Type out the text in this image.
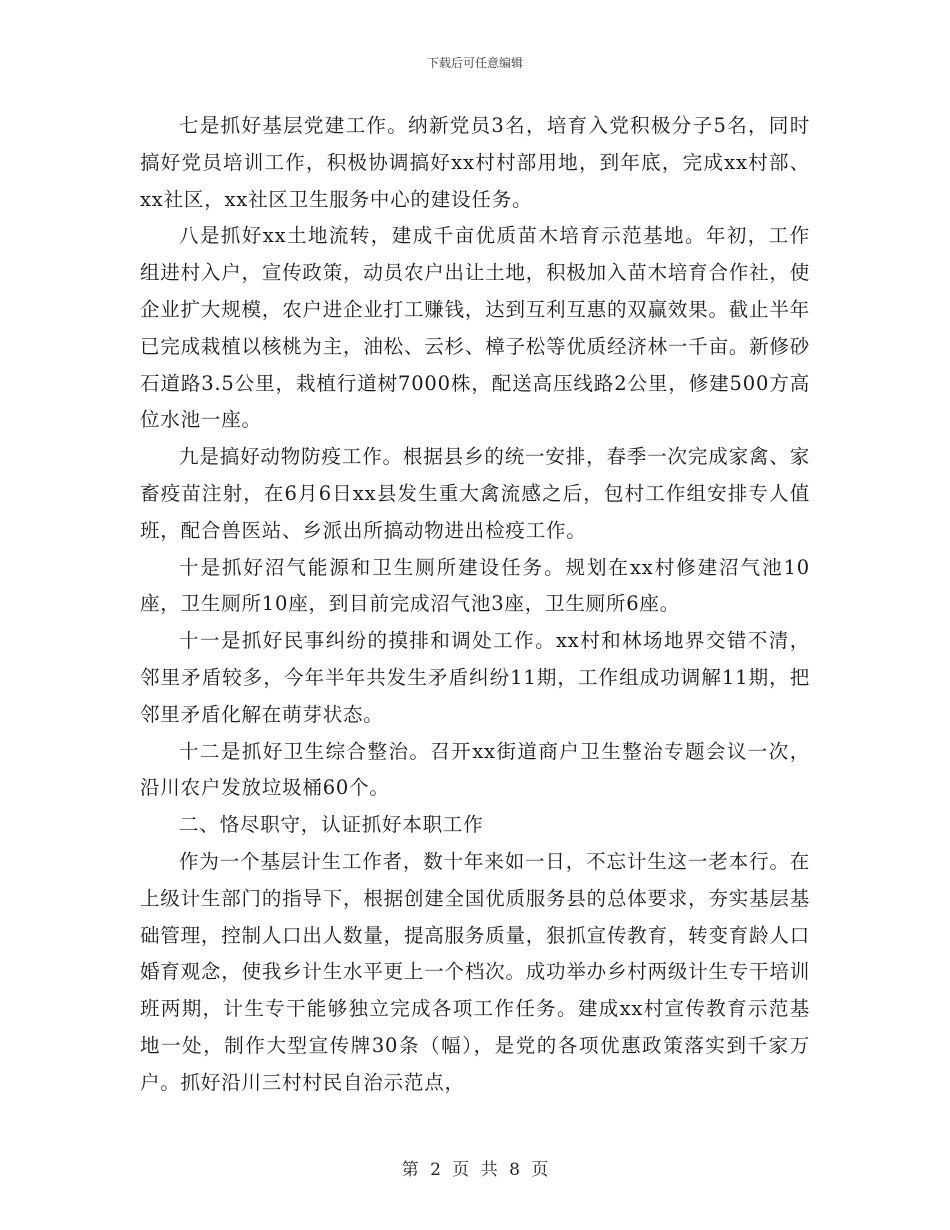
下载后可任意编辑

七是抓好基层党建工作。纳新党员3名，培育入党积极分子5名，同时搞好党员培训工作，积极协调搞好xx村村部用地，到年底，完成xx村部、xx社区，xx社区卫生服务中心的建设任务。

八是抓好xx土地流转，建成千亩优质苗木培育示范基地。年初，工作组进村入户，宣传政策，动员农户出让土地，积极加入苗木培育合作社，使企业扩大规模，农户进企业打工赚钱，达到互利互惠的双赢效果。截止半年已完成栽植以核桃为主，油松、云杉、樟子松等优质经济林一千亩。新修砂石道路3.5公里，栽植行道树7000株，配送高压线路2公里，修建500方高位水池一座。

九是搞好动物防疫工作。根据县乡的统一安排，春季一次完成家禽、家畜疫苗注射，在6月6日xx县发生重大禽流感之后，包村工作组安排专人值班，配合兽医站、乡派出所搞动物进出检疫工作。

十是抓好沼气能源和卫生厕所建设任务。规划在xx村修建沼气池10座，卫生厕所10座，到目前完成沼气池3座，卫生厕所6座。

十一是抓好民事纠纷的摸排和调处工作。xx村和林场地界交错不清，邻里矛盾较多，今年半年共发生矛盾纠纷11期，工作组成功调解11期，把邻里矛盾化解在萌芽状态。

十二是抓好卫生综合整治。召开xx街道商户卫生整治专题会议一次，沿川农户发放垃圾桶60个。

二、恪尽职守，认证抓好本职工作

作为一个基层计生工作者，数十年来如一日，不忘计生这一老本行。在上级计生部门的指导下，根据创建全国优质服务县的总体要求，夯实基层基础管理，控制人口出人数量，提高服务质量，狠抓宣传教育，转变育龄人口婚育观念，使我乡计生水平更上一个档次。成功举办乡村两级计生专干培训班两期，计生专干能够独立完成各项工作任务。建成xx村宣传教育示范基地一处，制作大型宣传牌30条（幅），是党的各项优惠政策落实到千家万户。抓好沿川三村村民自治示范点，

第 2 页 共 8 页
